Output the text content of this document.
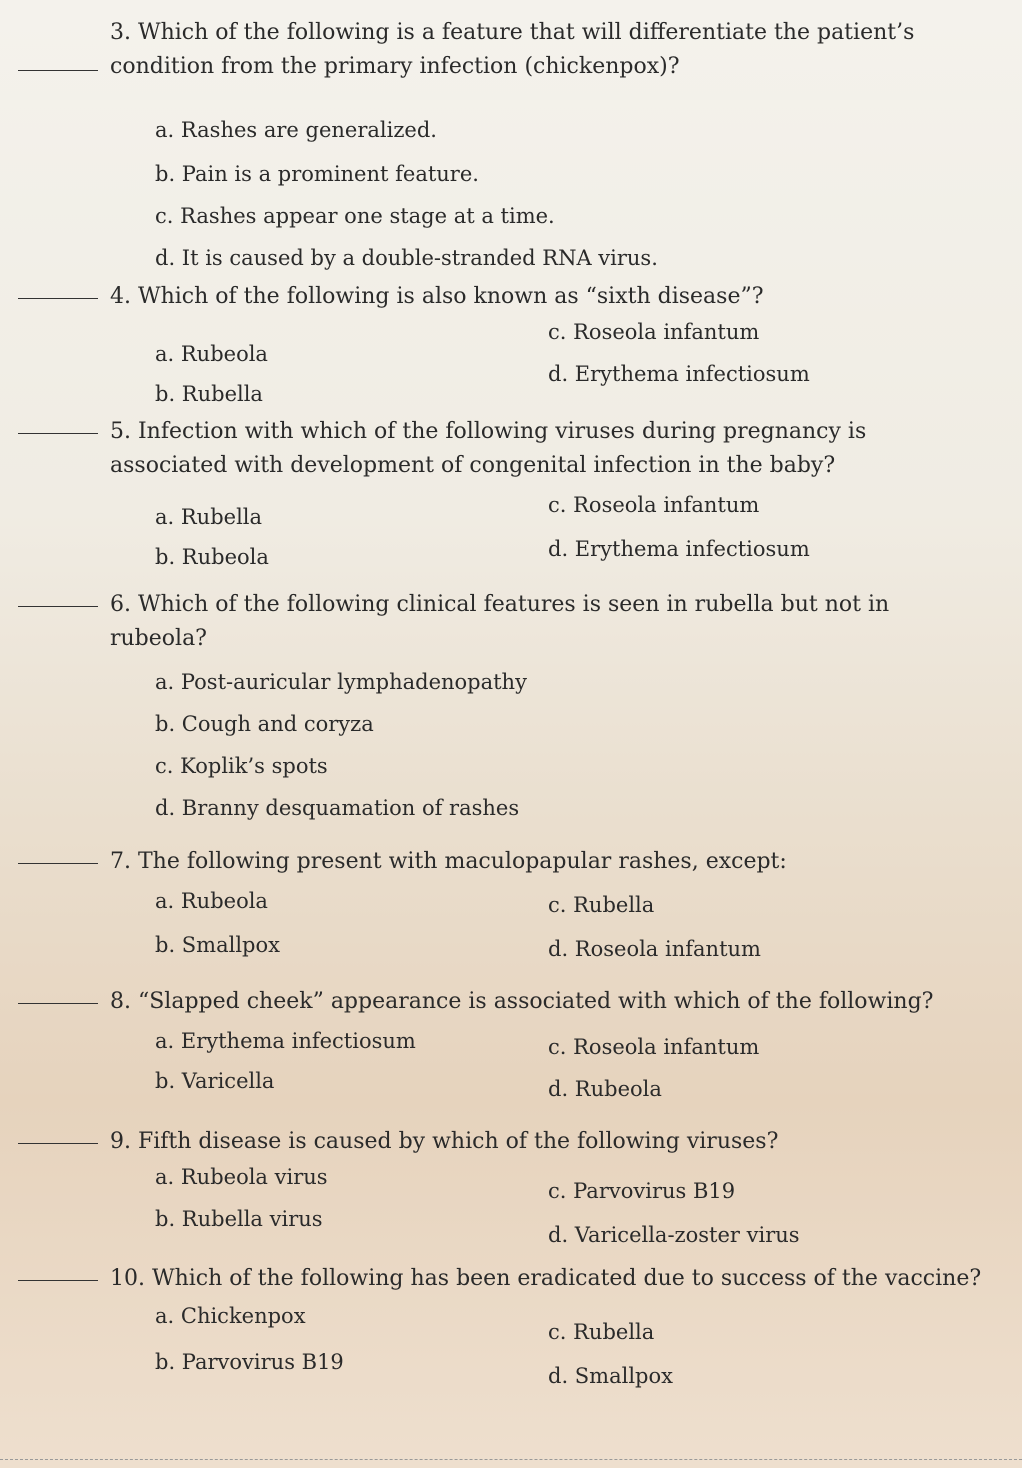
3. Which of the following is a feature that will differentiate the patient’s condition from the primary infection (chickenpox)?
a. Rashes are generalized.
b. Pain is a prominent feature.
c. Rashes appear one stage at a time.
d. It is caused by a double-stranded RNA virus.
4. Which of the following is also known as “sixth disease”?
a. Rubeola
b. Rubella
c. Roseola infantum
d. Erythema infectiosum
5. Infection with which of the following viruses during pregnancy is associated with development of congenital infection in the baby?
a. Rubella
b. Rubeola
c. Roseola infantum
d. Erythema infectiosum
6. Which of the following clinical features is seen in rubella but not in rubeola?
a. Post-auricular lymphadenopathy
b. Cough and coryza
c. Koplik’s spots
d. Branny desquamation of rashes
7. The following present with maculopapular rashes, except:
a. Rubeola
b. Smallpox
c. Rubella
d. Roseola infantum
8. “Slapped cheek” appearance is associated with which of the following?
a. Erythema infectiosum
b. Varicella
c. Roseola infantum
d. Rubeola
9. Fifth disease is caused by which of the following viruses?
a. Rubeola virus
b. Rubella virus
c. Parvovirus B19
d. Varicella-zoster virus
10. Which of the following has been eradicated due to success of the vaccine?
a. Chickenpox
b. Parvovirus B19
c. Rubella
d. Smallpox
